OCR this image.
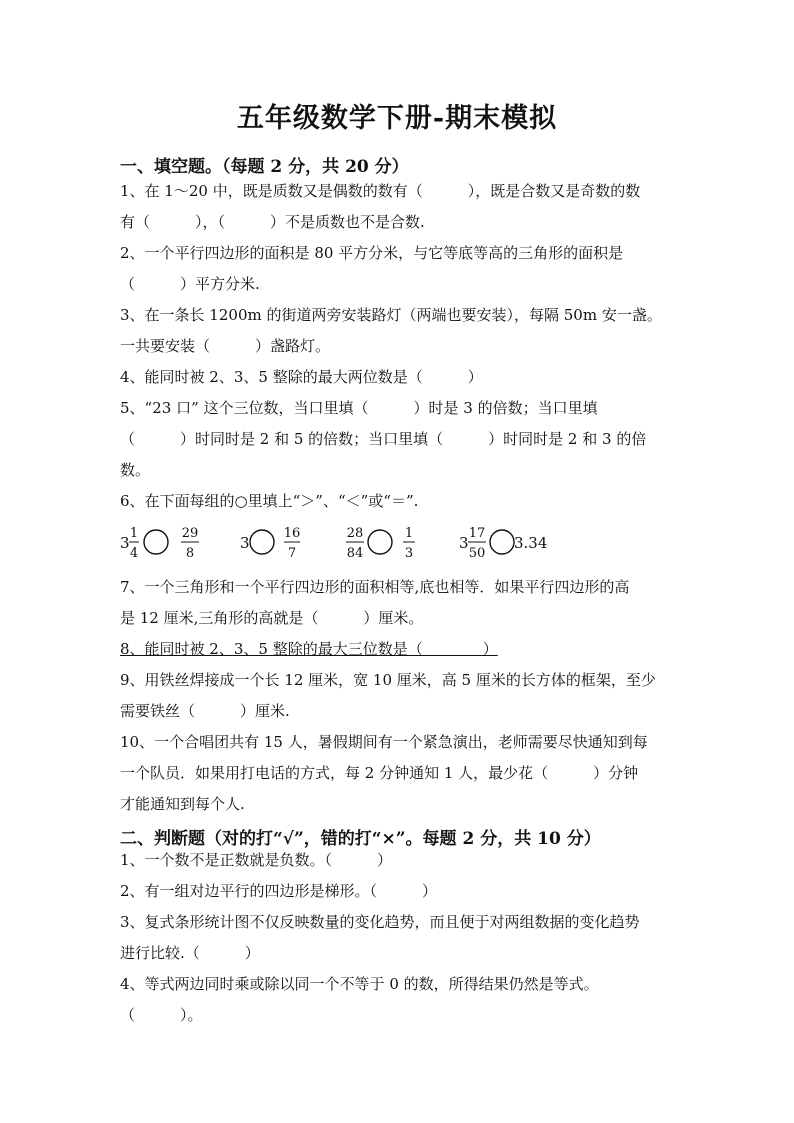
五年级数学下册-期末模拟
一、填空题。（每题 2 分，共 20 分）
1、在 1～20 中，既是质数又是偶数的数有（　　　），既是合数又是奇数的数
有（　　　），（　　　）不是质数也不是合数.
2、一个平行四边形的面积是 80 平方分米，与它等底等高的三角形的面积是
（　　　）平方分米.
3、在一条长 1200m 的街道两旁安装路灯（两端也要安装），每隔 50m 安一盏。
一共要安装（　　　）盏路灯。
4、能同时被 2、3、5 整除的最大两位数是（　　　）
5、“23 口” 这个三位数，当口里填（　　　）时是 3 的倍数；当口里填
（　　　）时同时是 2 和 5 的倍数；当口里填（　　　）时同时是 2 和 3 的倍
数。
6、在下面每组的○里填上“＞”、“＜”或“＝”.
3
1
4
29
8
3
16
7
28
84
1
3
3
17
50
3.34
7、一个三角形和一个平行四边形的面积相等,底也相等．如果平行四边形的高
是 12 厘米,三角形的高就是（　　　）厘米。
8、能同时被 2、3、5 整除的最大三位数是（　　　　）
9、用铁丝焊接成一个长 12 厘米，宽 10 厘米，高 5 厘米的长方体的框架，至少
需要铁丝（　　　）厘米.
10、一个合唱团共有 15 人，暑假期间有一个紧急演出，老师需要尽快通知到每
一个队员．如果用打电话的方式，每 2 分钟通知 1 人，最少花（　　　）分钟
才能通知到每个人.
二、判断题（对的打“√”，错的打“×”。每题 2 分，共 10 分）
1、一个数不是正数就是负数。（　　　）
2、有一组对边平行的四边形是梯形。（　　　）
3、复式条形统计图不仅反映数量的变化趋势，而且便于对两组数据的变化趋势
进行比较.（　　　）
4、等式两边同时乘或除以同一个不等于 0 的数，所得结果仍然是等式。
（　　　）。
